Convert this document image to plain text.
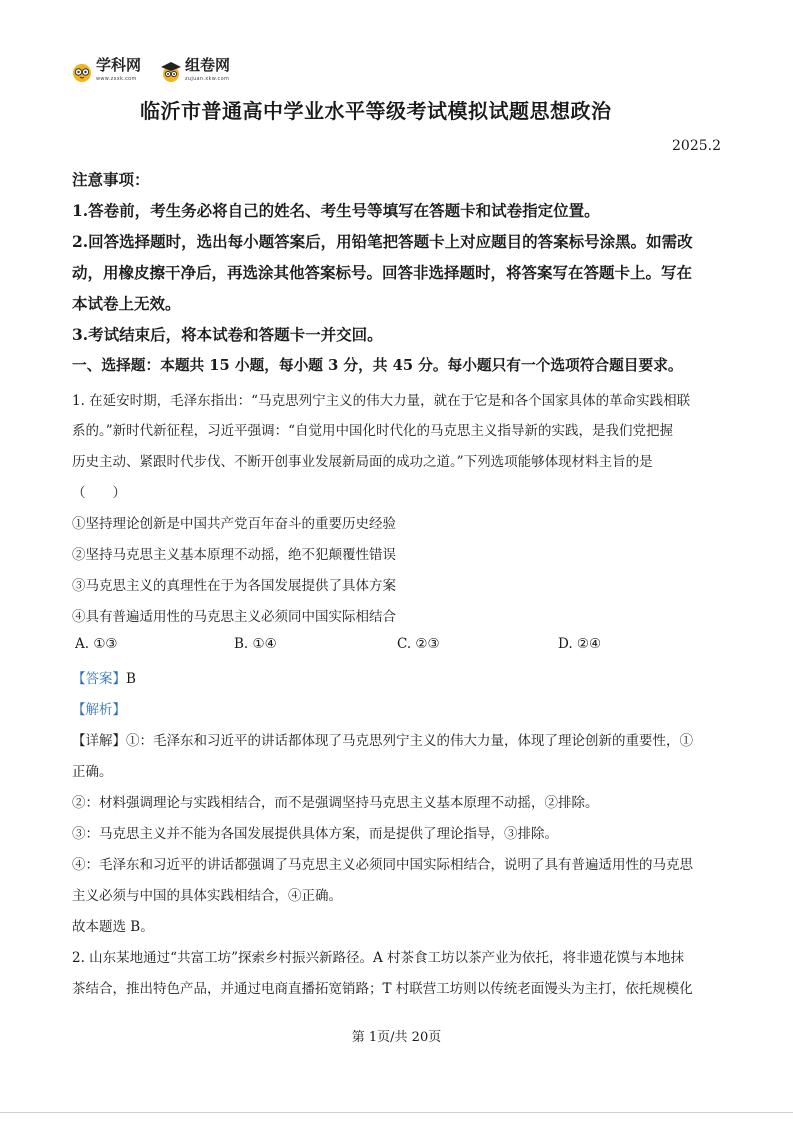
学科网
www.zxxk.com
组卷网
zujuan.xkw.com
临沂市普通高中学业水平等级考试模拟试题思想政治
2025.2
注意事项：
1.答卷前，考生务必将自己的姓名、考生号等填写在答题卡和试卷指定位置。
2.回答选择题时，选出每小题答案后，用铅笔把答题卡上对应题目的答案标号涂黑。如需改
动，用橡皮擦干净后，再选涂其他答案标号。回答非选择题时，将答案写在答题卡上。写在
本试卷上无效。
3.考试结束后，将本试卷和答题卡一并交回。
一、选择题：本题共 15 小题，每小题 3 分，共 45 分。每小题只有一个选项符合题目要求。
1. 在延安时期，毛泽东指出：“马克思列宁主义的伟大力量，就在于它是和各个国家具体的革命实践相联
系的。”新时代新征程，习近平强调：“自觉用中国化时代化的马克思主义指导新的实践，是我们党把握
历史主动、紧跟时代步伐、不断开创事业发展新局面的成功之道。”下列选项能够体现材料主旨的是
（　　）
①坚持理论创新是中国共产党百年奋斗的重要历史经验
②坚持马克思主义基本原理不动摇，绝不犯颠覆性错误
③马克思主义的真理性在于为各国发展提供了具体方案
④具有普遍适用性的马克思主义必须同中国实际相结合
A. ①③	B. ①④	C. ②③	D. ②④
【答案】B
【解析】
【详解】①：毛泽东和习近平的讲话都体现了马克思列宁主义的伟大力量，体现了理论创新的重要性，①
正确。
②：材料强调理论与实践相结合，而不是强调坚持马克思主义基本原理不动摇，②排除。
③：马克思主义并不能为各国发展提供具体方案，而是提供了理论指导，③排除。
④：毛泽东和习近平的讲话都强调了马克思主义必须同中国实际相结合，说明了具有普遍适用性的马克思
主义必须与中国的具体实践相结合，④正确。
故本题选 B。
2. 山东某地通过“共富工坊”探索乡村振兴新路径。A 村茶食工坊以茶产业为依托，将非遗花馍与本地抹
茶结合，推出特色产品，并通过电商直播拓宽销路；T 村联营工坊则以传统老面馒头为主打，依托规模化
第 1页/共 20页
